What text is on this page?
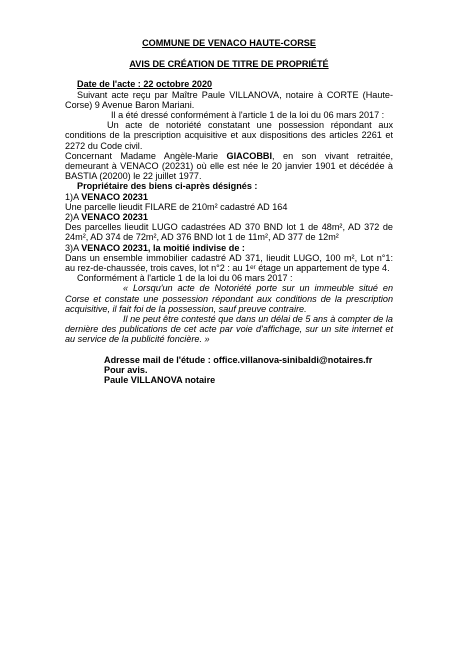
COMMUNE DE VENACO HAUTE-CORSE
AVIS DE CRÉATION DE TITRE DE PROPRIÉTÉ

Date de l'acte : 22 octobre 2020

Suivant acte reçu par Maître Paule VILLANOVA, notaire à CORTE (Haute-Corse) 9 Avenue Baron Mariani.

Il a été dressé conformément à l'article 1 de la loi du 06 mars 2017 :

Un acte de notoriété constatant une possession répondant aux conditions de la prescription acquisitive et aux dispositions des articles 2261 et 2272 du Code civil.

Concernant Madame Angèle-Marie GIACOBBI, en son vivant retraitée, demeurant à VENACO (20231) où elle est née le 20 janvier 1901 et décédée à BASTIA (20200) le 22 juillet 1977.

Propriétaire des biens ci-après désignés :

1)A VENACO 20231

Une parcelle lieudit FILARE de 210m² cadastré AD 164

2)A VENACO 20231

Des parcelles lieudit LUGO cadastrées AD 370 BND lot 1 de 48m², AD 372 de 24m², AD 374 de 72m², AD 376 BND lot 1 de 11m², AD 377 de 12m²

3)A VENACO 20231, la moitié indivise de :

Dans un ensemble immobilier cadastré AD 371, lieudit LUGO, 100 m², Lot n°1: au rez-de-chaussée, trois caves, lot n°2 : au 1ᵉʳ étage un appartement de type 4.

Conformément à l'article 1 de la loi du 06 mars 2017 :

« Lorsqu'un acte de Notoriété porte sur un immeuble situé en Corse et constate une possession répondant aux conditions de la prescription acquisitive, il fait foi de la possession, sauf preuve contraire.

Il ne peut être contesté que dans un délai de 5 ans à compter de la dernière des publications de cet acte par voie d'affichage, sur un site internet et au service de la publicité foncière. »

Adresse mail de l'étude : office.villanova-sinibaldi@notaires.fr

Pour avis.

Paule VILLANOVA notaire
